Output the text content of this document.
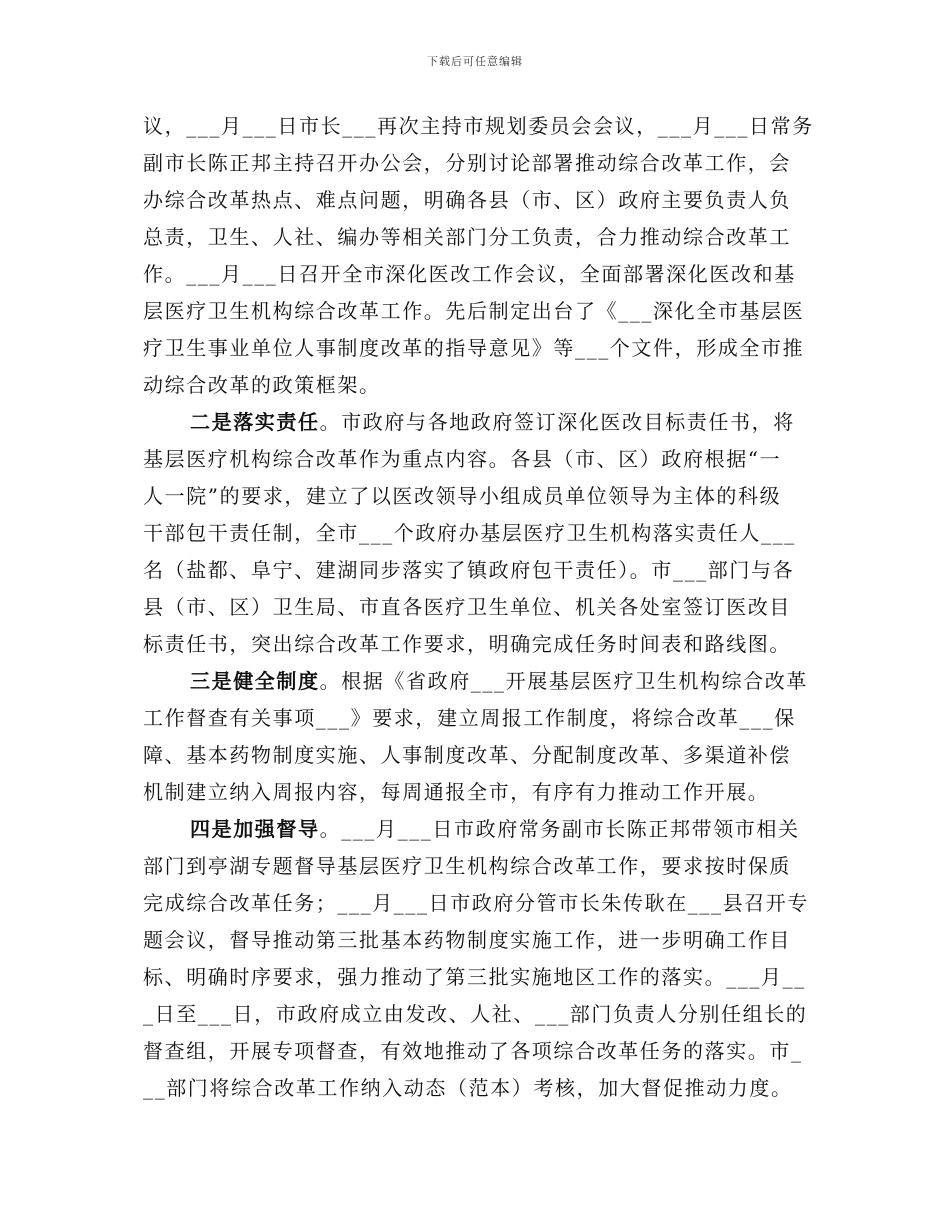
下载后可任意编辑
议，___月___日市长___再次主持市规划委员会会议，___月___日常务
副市长陈正邦主持召开办公会，分别讨论部署推动综合改革工作，会
办综合改革热点、难点问题，明确各县（市、区）政府主要负责人负
总责，卫生、人社、编办等相关部门分工负责，合力推动综合改革工
作。___月___日召开全市深化医改工作会议，全面部署深化医改和基
层医疗卫生机构综合改革工作。先后制定出台了《___深化全市基层医
疗卫生事业单位人事制度改革的指导意见》等___个文件，形成全市推
动综合改革的政策框架。
二是落实责任。市政府与各地政府签订深化医改目标责任书，将
基层医疗机构综合改革作为重点内容。各县（市、区）政府根据“一
人一院”的要求，建立了以医改领导小组成员单位领导为主体的科级
干部包干责任制，全市___个政府办基层医疗卫生机构落实责任人___
名（盐都、阜宁、建湖同步落实了镇政府包干责任）。市___部门与各
县（市、区）卫生局、市直各医疗卫生单位、机关各处室签订医改目
标责任书，突出综合改革工作要求，明确完成任务时间表和路线图。
三是健全制度。根据《省政府___开展基层医疗卫生机构综合改革
工作督查有关事项___》要求，建立周报工作制度，将综合改革___保
障、基本药物制度实施、人事制度改革、分配制度改革、多渠道补偿
机制建立纳入周报内容，每周通报全市，有序有力推动工作开展。
四是加强督导。___月___日市政府常务副市长陈正邦带领市相关
部门到亭湖专题督导基层医疗卫生机构综合改革工作，要求按时保质
完成综合改革任务；___月___日市政府分管市长朱传耿在___县召开专
题会议，督导推动第三批基本药物制度实施工作，进一步明确工作目
标、明确时序要求，强力推动了第三批实施地区工作的落实。___月__
_日至___日，市政府成立由发改、人社、___部门负责人分别任组长的
督查组，开展专项督查，有效地推动了各项综合改革任务的落实。市_
__部门将综合改革工作纳入动态（范本）考核，加大督促推动力度。
